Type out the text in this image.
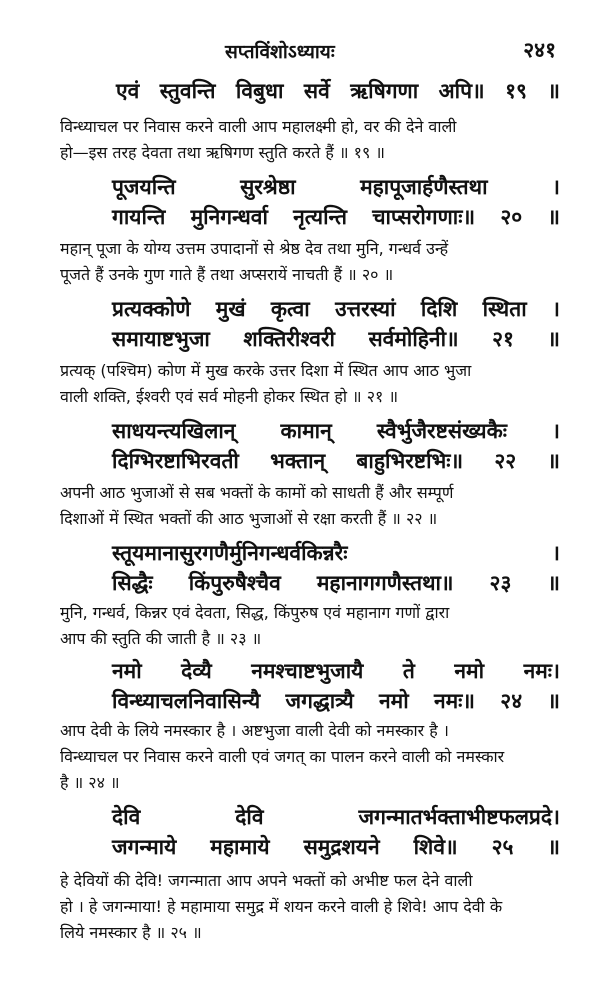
सप्तविंशोऽध्यायः	२४१
एवं स्तुवन्ति विबुधा सर्वे ऋषिगणा अपि॥ १९ ॥
विन्ध्याचल पर निवास करने वाली आप महालक्ष्मी हो, वर की देने वाली
हो—इस तरह देवता तथा ऋषिगण स्तुति करते हैं ॥ १९ ॥
पूजयन्ति सुरश्रेष्ठा महापूजार्हणैस्तथा ।
गायन्ति मुनिगन्धर्वा नृत्यन्ति चाप्सरोगणाः॥ २० ॥
महान् पूजा के योग्य उत्तम उपादानों से श्रेष्ठ देव तथा मुनि, गन्धर्व उन्हें
पूजते हैं उनके गुण गाते हैं तथा अप्सरायें नाचती हैं ॥ २० ॥
प्रत्यक्कोणे मुखं कृत्वा उत्तरस्यां दिशि स्थिता ।
समायाष्टभुजा शक्तिरीश्वरी सर्वमोहिनी॥ २१ ॥
प्रत्यक् (पश्चिम) कोण में मुख करके उत्तर दिशा में स्थित आप आठ भुजा
वाली शक्ति, ईश्वरी एवं सर्व मोहनी होकर स्थित हो ॥ २१ ॥
साधयन्त्यखिलान् कामान् स्वैर्भुजैरष्टसंख्यकैः ।
दिग्भिरष्टाभिरवती भक्तान् बाहुभिरष्टभिः॥ २२ ॥
अपनी आठ भुजाओं से सब भक्तों के कामों को साधती हैं और सम्पूर्ण
दिशाओं में स्थित भक्तों की आठ भुजाओं से रक्षा करती हैं ॥ २२ ॥
स्तूयमानासुरगणैर्मुनिगन्धर्वकिन्नरैः ।
सिद्धैः किंपुरुषैश्चैव महानागगणैस्तथा॥ २३ ॥
मुनि, गन्धर्व, किन्नर एवं देवता, सिद्ध, किंपुरुष एवं महानाग गणों द्वारा
आप की स्तुति की जाती है ॥ २३ ॥
नमो देव्यै नमश्चाष्टभुजायै ते नमो नमः।
विन्ध्याचलनिवासिन्यै जगद्धात्र्यै नमो नमः॥ २४ ॥
आप देवी के लिये नमस्कार है । अष्टभुजा वाली देवी को नमस्कार है ।
विन्ध्याचल पर निवास करने वाली एवं जगत् का पालन करने वाली को नमस्कार
है ॥ २४ ॥
देवि देवि जगन्मातर्भक्ताभीष्टफलप्रदे।
जगन्माये महामाये समुद्रशयने शिवे॥ २५ ॥
हे देवियों की देवि! जगन्माता आप अपने भक्तों को अभीष्ट फल देने वाली
हो । हे जगन्माया! हे महामाया समुद्र में शयन करने वाली हे शिवे! आप देवी के
लिये नमस्कार है ॥ २५ ॥
